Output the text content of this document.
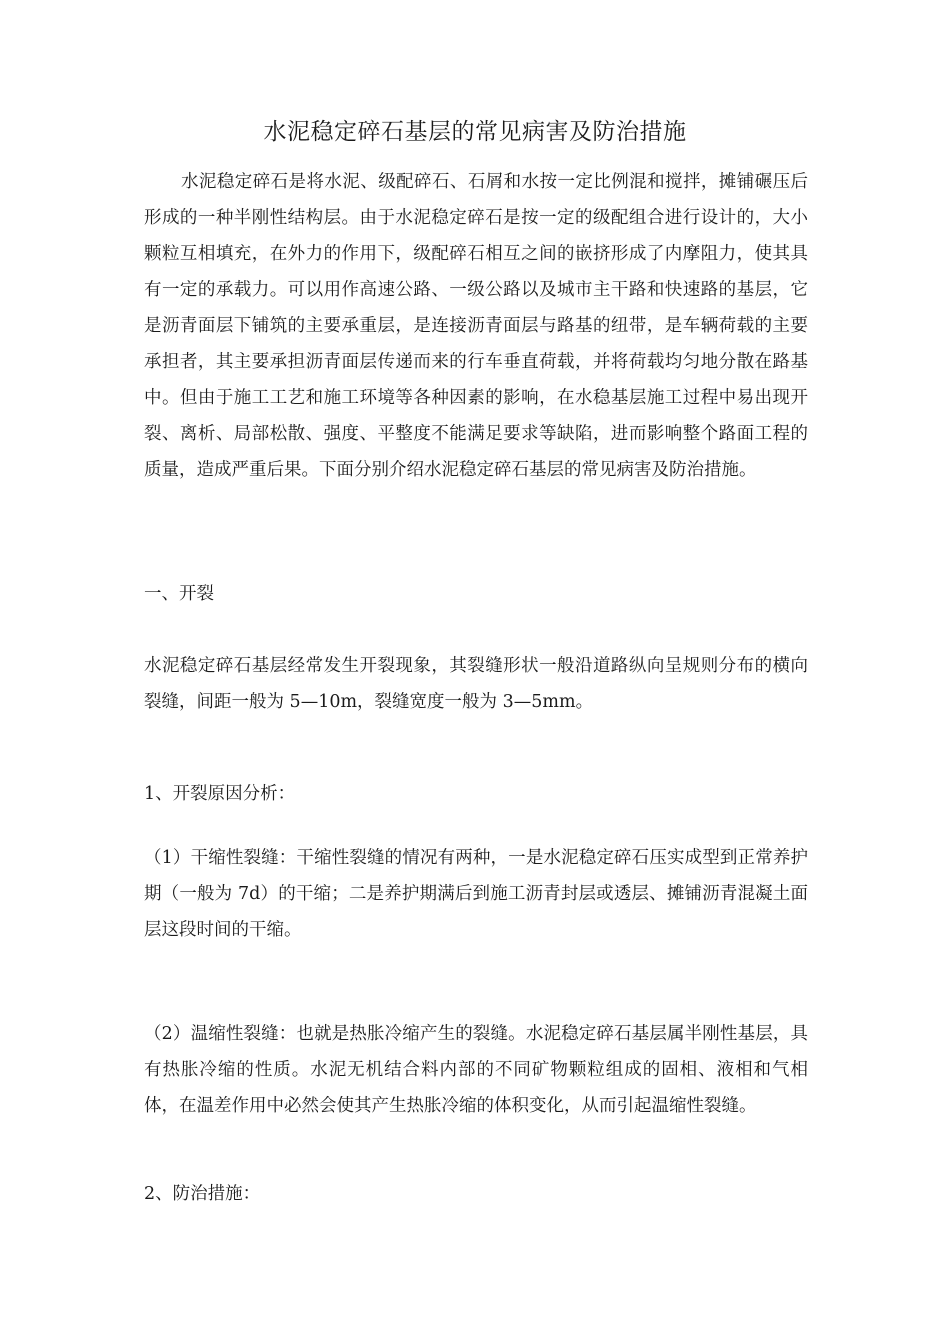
水泥稳定碎石基层的常见病害及防治措施

水泥稳定碎石是将水泥、级配碎石、石屑和水按一定比例混和搅拌，摊铺碾压后形成的一种半刚性结构层。由于水泥稳定碎石是按一定的级配组合进行设计的，大小颗粒互相填充，在外力的作用下，级配碎石相互之间的嵌挤形成了内摩阻力，使其具有一定的承载力。可以用作高速公路、一级公路以及城市主干路和快速路的基层，它是沥青面层下铺筑的主要承重层，是连接沥青面层与路基的纽带，是车辆荷载的主要承担者，其主要承担沥青面层传递而来的行车垂直荷载，并将荷载均匀地分散在路基中。但由于施工工艺和施工环境等各种因素的影响，在水稳基层施工过程中易出现开裂、离析、局部松散、强度、平整度不能满足要求等缺陷，进而影响整个路面工程的质量，造成严重后果。下面分别介绍水泥稳定碎石基层的常见病害及防治措施。

一、开裂

水泥稳定碎石基层经常发生开裂现象，其裂缝形状一般沿道路纵向呈规则分布的横向裂缝，间距一般为 5—10m，裂缝宽度一般为 3—5mm。

1、开裂原因分析：

（1）干缩性裂缝：干缩性裂缝的情况有两种，一是水泥稳定碎石压实成型到正常养护期（一般为 7d）的干缩；二是养护期满后到施工沥青封层或透层、摊铺沥青混凝土面层这段时间的干缩。

（2）温缩性裂缝：也就是热胀冷缩产生的裂缝。水泥稳定碎石基层属半刚性基层，具有热胀冷缩的性质。水泥无机结合料内部的不同矿物颗粒组成的固相、液相和气相体，在温差作用中必然会使其产生热胀冷缩的体积变化，从而引起温缩性裂缝。

2、防治措施：
